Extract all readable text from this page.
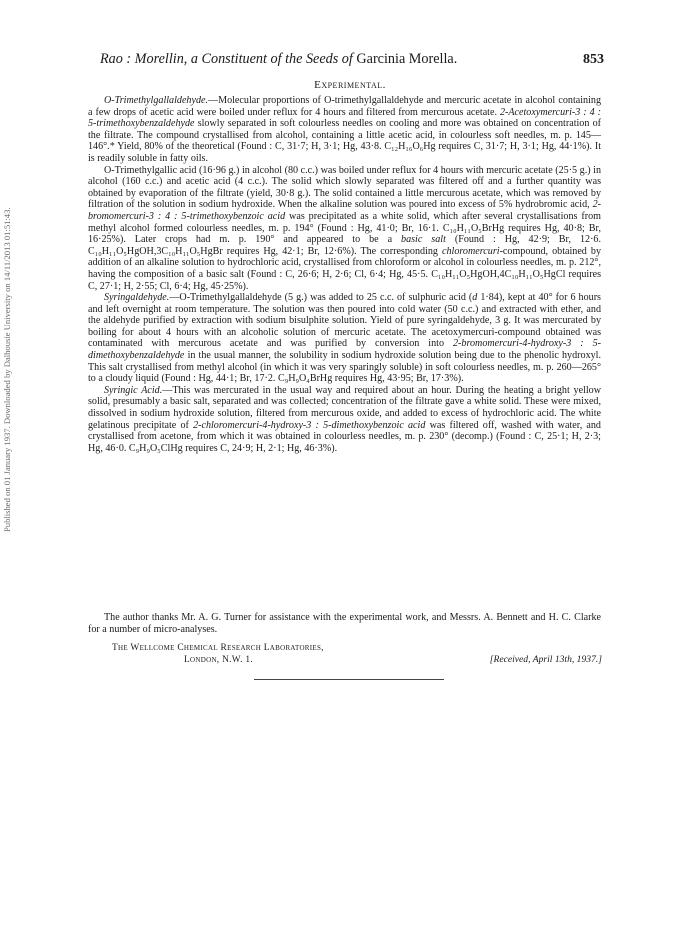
Published on 01 January 1937. Downloaded by Dalhousie University on 14/11/2013 01:51:43.
Rao : Morellin, a Constituent of the Seeds of Garcinia Morella.	853
Experimental.

O-Trimethylgallaldehyde.—Molecular proportions of O-trimethylgallaldehyde and mercuric acetate in alcohol containing a few drops of acetic acid were boiled under reflux for 4 hours and filtered from mercurous acetate. 2-Acetoxymercuri-3 : 4 : 5-trimethoxybenzaldehyde slowly separated in soft colourless needles on cooling and more was obtained on concentration of the filtrate. The compound crystallised from alcohol, containing a little acetic acid, in colourless soft needles, m. p. 145—146°.* Yield, 80% of the theoretical (Found : C, 31·7; H, 3·1; Hg, 43·8. C₁₂H₁₆O₆Hg requires C, 31·7; H, 3·1; Hg, 44·1%). It is readily soluble in fatty oils.

O-Trimethylgallic acid (16·96 g.) in alcohol (80 c.c.) was boiled under reflux for 4 hours with mercuric acetate (25·5 g.) in alcohol (160 c.c.) and acetic acid (4 c.c.). The solid which slowly separated was filtered off and a further quantity was obtained by evaporation of the filtrate (yield, 30·8 g.). The solid contained a little mercurous acetate, which was removed by filtration of the solution in sodium hydroxide. When the alkaline solution was poured into excess of 5% hydrobromic acid, 2-bromomercuri-3 : 4 : 5-trimethoxybenzoic acid was precipitated as a white solid, which after several crystallisations from methyl alcohol formed colourless needles, m. p. 194° (Found : Hg, 41·0; Br, 16·1. C₁₀H₁₁O₅BrHg requires Hg, 40·8; Br, 16·25%). Later crops had m. p. 190° and appeared to be a basic salt (Found : Hg, 42·9; Br, 12·6. C₁₀H₁₁O₅HgOH,3C₁₀H₁₁O₅HgBr requires Hg, 42·1; Br, 12·6%). The corresponding chloromercuri-compound, obtained by addition of an alkaline solution to hydrochloric acid, crystallised from chloroform or alcohol in colourless needles, m. p. 212°, having the composition of a basic salt (Found : C, 26·6; H, 2·6; Cl, 6·4; Hg, 45·5. C₁₀H₁₁O₅HgOH,4C₁₀H₁₁O₅HgCl requires C, 27·1; H, 2·55; Cl, 6·4; Hg, 45·25%).

Syringaldehyde.—O-Trimethylgallaldehyde (5 g.) was added to 25 c.c. of sulphuric acid (d 1·84), kept at 40° for 6 hours and left overnight at room temperature. The solution was then poured into cold water (50 c.c.) and extracted with ether, and the aldehyde purified by extraction with sodium bisulphite solution. Yield of pure syringaldehyde, 3 g. It was mercurated by boiling for about 4 hours with an alcoholic solution of mercuric acetate. The acetoxymercuri-compound obtained was contaminated with mercurous acetate and was purified by conversion into 2-bromomercuri-4-hydroxy-3 : 5-dimethoxybenzaldehyde in the usual manner, the solubility in sodium hydroxide solution being due to the phenolic hydroxyl. This salt crystallised from methyl alcohol (in which it was very sparingly soluble) in soft colourless needles, m. p. 260—265° to a cloudy liquid (Found : Hg, 44·1; Br, 17·2. C₉H₉O₄BrHg requires Hg, 43·95; Br, 17·3%).

Syringic Acid.—This was mercurated in the usual way and required about an hour. During the heating a bright yellow solid, presumably a basic salt, separated and was collected; concentration of the filtrate gave a white solid. These were mixed, dissolved in sodium hydroxide solution, filtered from mercurous oxide, and added to excess of hydrochloric acid. The white gelatinous precipitate of 2-chloromercuri-4-hydroxy-3 : 5-dimethoxybenzoic acid was filtered off, washed with water, and crystallised from acetone, from which it was obtained in colourless needles, m. p. 230° (decomp.) (Found : C, 25·1; H, 2·3; Hg, 46·0. C₉H₉O₅ClHg requires C, 24·9; H, 2·1; Hg, 46·3%).

The author thanks Mr. A. G. Turner for assistance with the experimental work, and Messrs. A. Bennett and H. C. Clarke for a number of micro-analyses.

The Wellcome Chemical Research Laboratories,
London, N.W. 1.	[Received, April 13th, 1937.]
